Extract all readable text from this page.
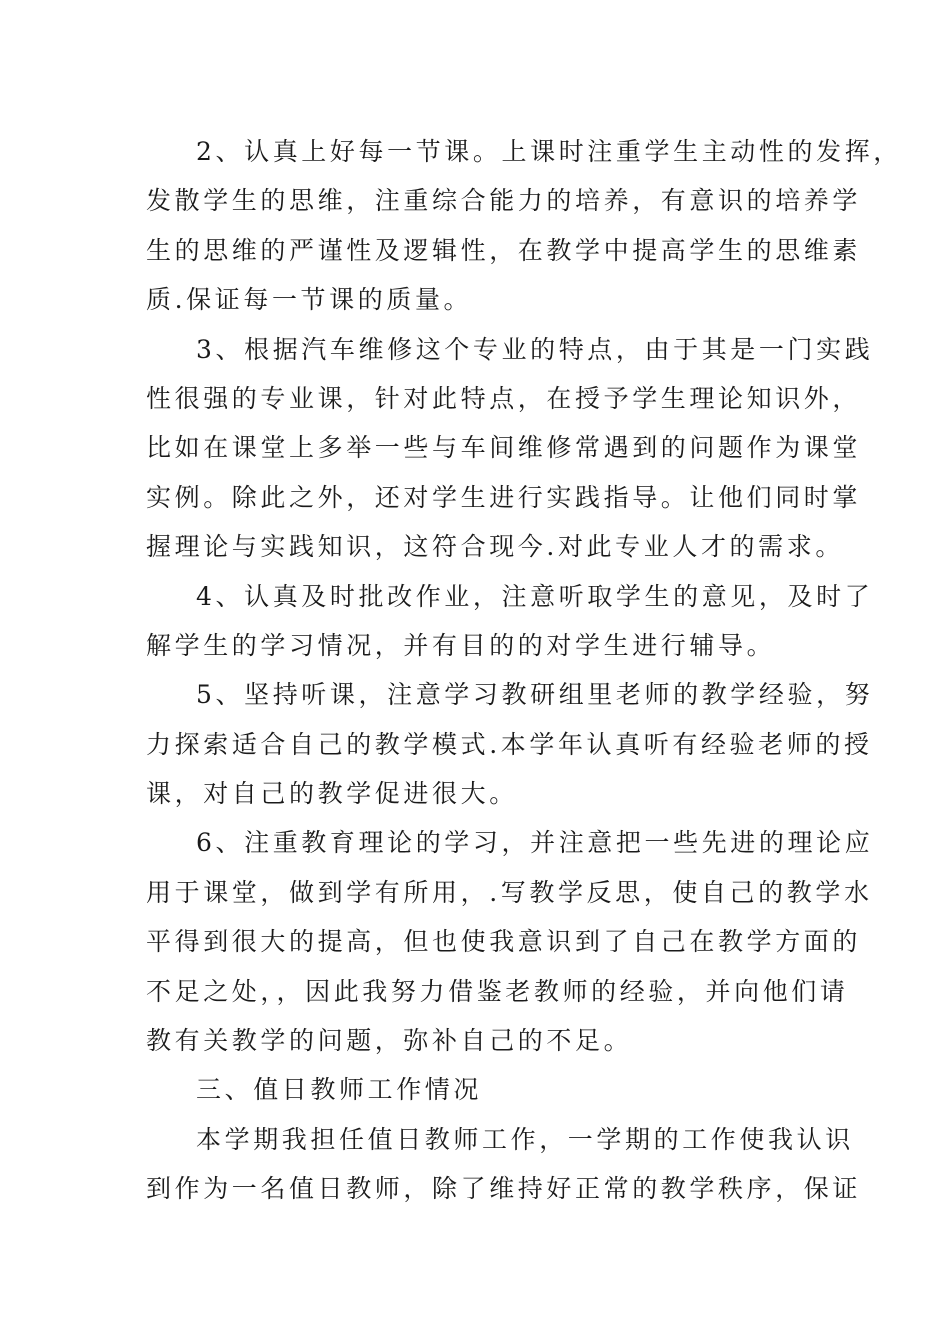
2、认真上好每一节课。上课时注重学生主动性的发挥，
发散学生的思维，注重综合能力的培养，有意识的培养学
生的思维的严谨性及逻辑性，在教学中提高学生的思维素
质.保证每一节课的质量。
3、根据汽车维修这个专业的特点，由于其是一门实践
性很强的专业课，针对此特点，在授予学生理论知识外，
比如在课堂上多举一些与车间维修常遇到的问题作为课堂
实例。除此之外，还对学生进行实践指导。让他们同时掌
握理论与实践知识，这符合现今.对此专业人才的需求。
4、认真及时批改作业，注意听取学生的意见，及时了
解学生的学习情况，并有目的的对学生进行辅导。
5、坚持听课，注意学习教研组里老师的教学经验，努
力探索适合自己的教学模式.本学年认真听有经验老师的授
课，对自己的教学促进很大。
6、注重教育理论的学习，并注意把一些先进的理论应
用于课堂，做到学有所用，.写教学反思，使自己的教学水
平得到很大的提高，但也使我意识到了自己在教学方面的
不足之处，，因此我努力借鉴老教师的经验，并向他们请
教有关教学的问题，弥补自己的不足。
三、值日教师工作情况
本学期我担任值日教师工作，一学期的工作使我认识
到作为一名值日教师，除了维持好正常的教学秩序，保证
